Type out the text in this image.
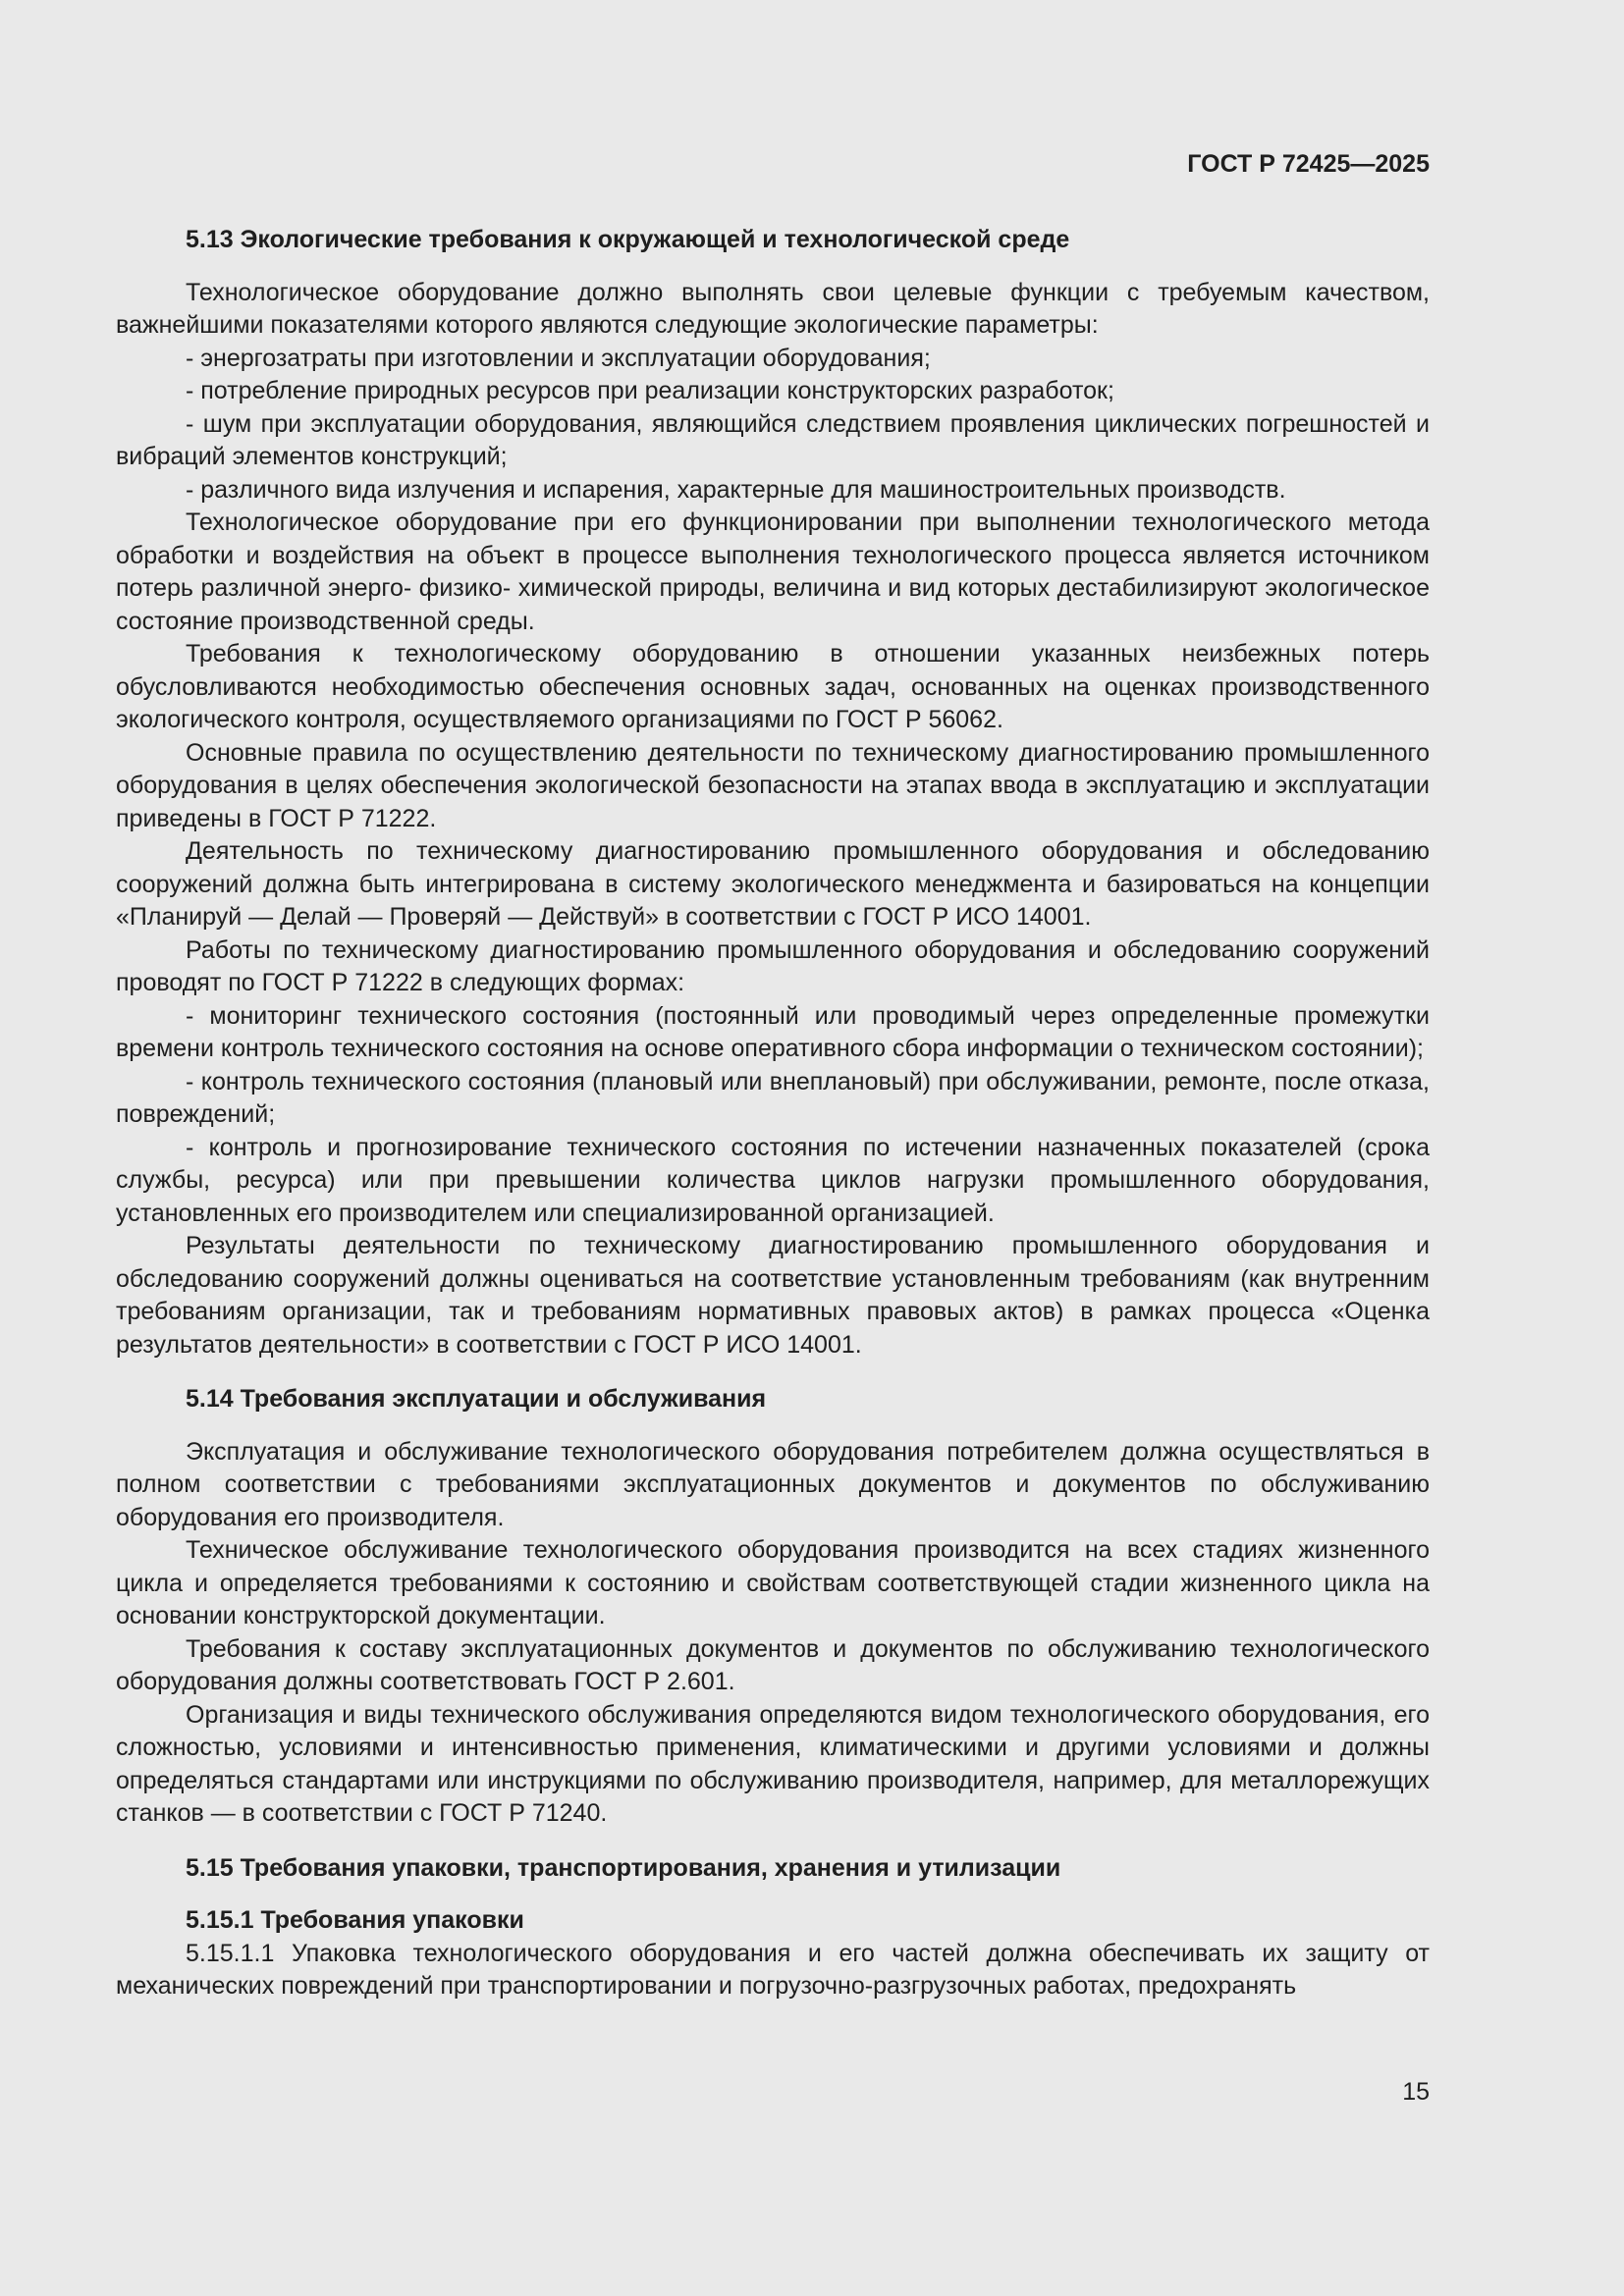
ГОСТ Р 72425—2025
5.13 Экологические требования к окружающей и технологической среде

Технологическое оборудование должно выполнять свои целевые функции с требуемым качеством, важнейшими показателями которого являются следующие экологические параметры:

- энергозатраты при изготовлении и эксплуатации оборудования;

- потребление природных ресурсов при реализации конструкторских разработок;

- шум при эксплуатации оборудования, являющийся следствием проявления циклических погрешностей и вибраций элементов конструкций;

- различного вида излучения и испарения, характерные для машиностроительных производств.

Технологическое оборудование при его функционировании при выполнении технологического метода обработки и воздействия на объект в процессе выполнения технологического процесса является источником потерь различной энерго- физико- химической природы, величина и вид которых дестабилизируют экологическое состояние производственной среды.

Требования к технологическому оборудованию в отношении указанных неизбежных потерь обусловливаются необходимостью обеспечения основных задач, основанных на оценках производственного экологического контроля, осуществляемого организациями по ГОСТ Р 56062.

Основные правила по осуществлению деятельности по техническому диагностированию промышленного оборудования в целях обеспечения экологической безопасности на этапах ввода в эксплуатацию и эксплуатации приведены в ГОСТ Р 71222.

Деятельность по техническому диагностированию промышленного оборудования и обследованию сооружений должна быть интегрирована в систему экологического менеджмента и базироваться на концепции «Планируй — Делай — Проверяй — Действуй» в соответствии с ГОСТ Р ИСО 14001.

Работы по техническому диагностированию промышленного оборудования и обследованию сооружений проводят по ГОСТ Р 71222 в следующих формах:

- мониторинг технического состояния (постоянный или проводимый через определенные промежутки времени контроль технического состояния на основе оперативного сбора информации о техническом состоянии);

- контроль технического состояния (плановый или внеплановый) при обслуживании, ремонте, после отказа, повреждений;

- контроль и прогнозирование технического состояния по истечении назначенных показателей (срока службы, ресурса) или при превышении количества циклов нагрузки промышленного оборудования, установленных его производителем или специализированной организацией.

Результаты деятельности по техническому диагностированию промышленного оборудования и обследованию сооружений должны оцениваться на соответствие установленным требованиям (как внутренним требованиям организации, так и требованиям нормативных правовых актов) в рамках процесса «Оценка результатов деятельности» в соответствии с ГОСТ Р ИСО 14001.

5.14 Требования эксплуатации и обслуживания

Эксплуатация и обслуживание технологического оборудования потребителем должна осуществляться в полном соответствии с требованиями эксплуатационных документов и документов по обслуживанию оборудования его производителя.

Техническое обслуживание технологического оборудования производится на всех стадиях жизненного цикла и определяется требованиями к состоянию и свойствам соответствующей стадии жизненного цикла на основании конструкторской документации.

Требования к составу эксплуатационных документов и документов по обслуживанию технологического оборудования должны соответствовать ГОСТ Р 2.601.

Организация и виды технического обслуживания определяются видом технологического оборудования, его сложностью, условиями и интенсивностью применения, климатическими и другими условиями и должны определяться стандартами или инструкциями по обслуживанию производителя, например, для металлорежущих станков — в соответствии с ГОСТ Р 71240.

5.15 Требования упаковки, транспортирования, хранения и утилизации
5.15.1 Требования упаковки

5.15.1.1 Упаковка технологического оборудования и его частей должна обеспечивать их защиту от механических повреждений при транспортировании и погрузочно-разгрузочных работах, предохранять

15
